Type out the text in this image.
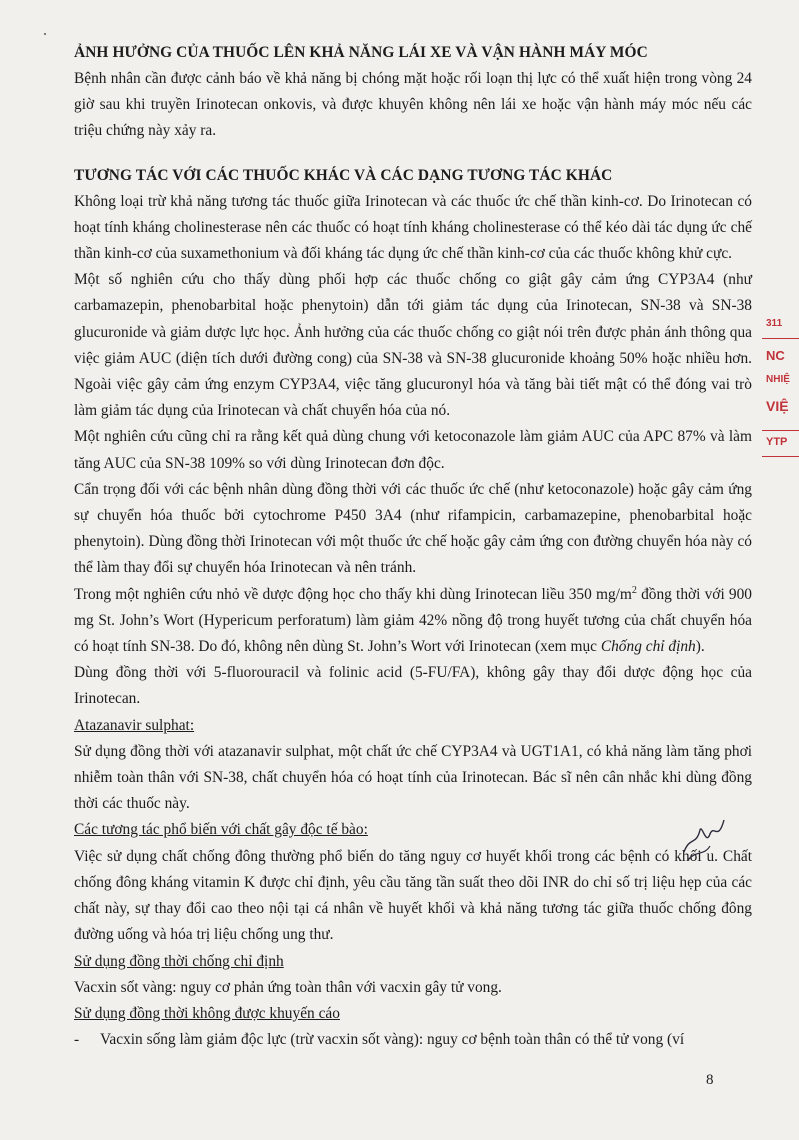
ẢNH HƯỞNG CỦA THUỐC LÊN KHẢ NĂNG LÁI XE VÀ VẬN HÀNH MÁY MÓC

Bệnh nhân cần được cảnh báo về khả năng bị chóng mặt hoặc rối loạn thị lực có thể xuất hiện trong vòng 24 giờ sau khi truyền Irinotecan onkovis, và được khuyên không nên lái xe hoặc vận hành máy móc nếu các triệu chứng này xảy ra.

TƯƠNG TÁC VỚI CÁC THUỐC KHÁC VÀ CÁC DẠNG TƯƠNG TÁC KHÁC

Không loại trừ khả năng tương tác thuốc giữa Irinotecan và các thuốc ức chế thần kinh-cơ. Do Irinotecan có hoạt tính kháng cholinesterase nên các thuốc có hoạt tính kháng cholinesterase có thể kéo dài tác dụng ức chế thần kinh-cơ của suxamethonium và đối kháng tác dụng ức chế thần kinh-cơ của các thuốc không khử cực.

Một số nghiên cứu cho thấy dùng phối hợp các thuốc chống co giật gây cảm ứng CYP3A4 (như carbamazepin, phenobarbital hoặc phenytoin) dẫn tới giảm tác dụng của Irinotecan, SN-38 và SN-38 glucuronide và giảm dược lực học. Ảnh hưởng của các thuốc chống co giật nói trên được phản ánh thông qua việc giảm AUC (diện tích dưới đường cong) của SN-38 và SN-38 glucuronide khoảng 50% hoặc nhiều hơn. Ngoài việc gây cảm ứng enzym CYP3A4, việc tăng glucuronyl hóa và tăng bài tiết mật có thể đóng vai trò làm giảm tác dụng của Irinotecan và chất chuyển hóa của nó.

Một nghiên cứu cũng chỉ ra rằng kết quả dùng chung với ketoconazole làm giảm AUC của APC 87% và làm tăng AUC của SN-38 109% so với dùng Irinotecan đơn độc.

Cẩn trọng đối với các bệnh nhân dùng đồng thời với các thuốc ức chế (như ketoconazole) hoặc gây cảm ứng sự chuyển hóa thuốc bởi cytochrome P450 3A4 (như rifampicin, carbamazepine, phenobarbital hoặc phenytoin). Dùng đồng thời Irinotecan với một thuốc ức chế hoặc gây cảm ứng con đường chuyển hóa này có thể làm thay đổi sự chuyển hóa Irinotecan và nên tránh.

Trong một nghiên cứu nhỏ về dược động học cho thấy khi dùng Irinotecan liều 350 $mg/m^2$ đồng thời với 900 mg St. John’s Wort (Hypericum perforatum) làm giảm 42% nồng độ trong huyết tương của chất chuyển hóa có hoạt tính SN-38. Do đó, không nên dùng St. John’s Wort với Irinotecan (xem mục Chống chỉ định).

Dùng đồng thời với 5-fluorouracil và folinic acid (5-FU/FA), không gây thay đổi dược động học của Irinotecan.

Atazanavir sulphat:

Sử dụng đồng thời với atazanavir sulphat, một chất ức chế CYP3A4 và UGT1A1, có khả năng làm tăng phơi nhiễm toàn thân với SN-38, chất chuyển hóa có hoạt tính của Irinotecan. Bác sĩ nên cân nhắc khi dùng đồng thời các thuốc này.

Các tương tác phổ biến với chất gây độc tế bào:

Việc sử dụng chất chống đông thường phổ biến do tăng nguy cơ huyết khối trong các bệnh có khối u. Chất chống đông kháng vitamin K được chỉ định, yêu cầu tăng tần suất theo dõi INR do chỉ số trị liệu hẹp của các chất này, sự thay đổi cao theo nội tại cá nhân về huyết khối và khả năng tương tác giữa thuốc chống đông đường uống và hóa trị liệu chống ung thư.

Sử dụng đồng thời chống chỉ định

Vacxin sốt vàng: nguy cơ phản ứng toàn thân với vacxin gây tử vong.

Sử dụng đồng thời không được khuyến cáo

-	Vacxin sống làm giảm độc lực (trừ vacxin sốt vàng): nguy cơ bệnh toàn thân có thể tử vong (ví

311
NC
NHIỆ
VIỆ
YTP
8
